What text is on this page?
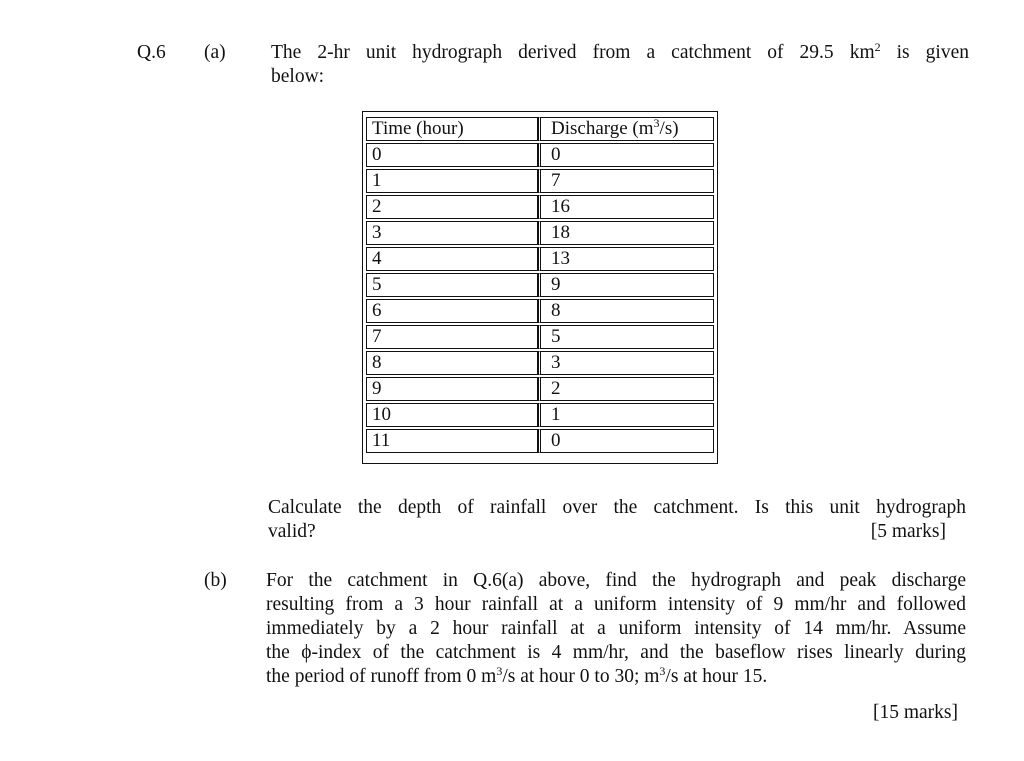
Q.6 (a) The 2-hr unit hydrograph derived from a catchment of 29.5 $km^2$ is given
below:
Time (hour)	Discharge $(m^3/s)$
0	0
1	7
2	16
3	18
4	13
5	9
6	8
7	5
8	3
9	2
10	1
11	0
Calculate the depth of rainfall over the catchment. Is this unit hydrograph
valid?	[5 marks]
(b) For the catchment in Q.6(a) above, find the hydrograph and peak discharge
resulting from a 3 hour rainfall at a uniform intensity of 9 mm/hr and followed
immediately by a 2 hour rainfall at a uniform intensity of 14 mm/hr. Assume
the ϕ-index of the catchment is 4 mm/hr, and the baseflow rises linearly during
the period of runoff from 0 $m^3/s$ at hour 0 to 30; $m^3/s$ at hour 15.
[15 marks]
